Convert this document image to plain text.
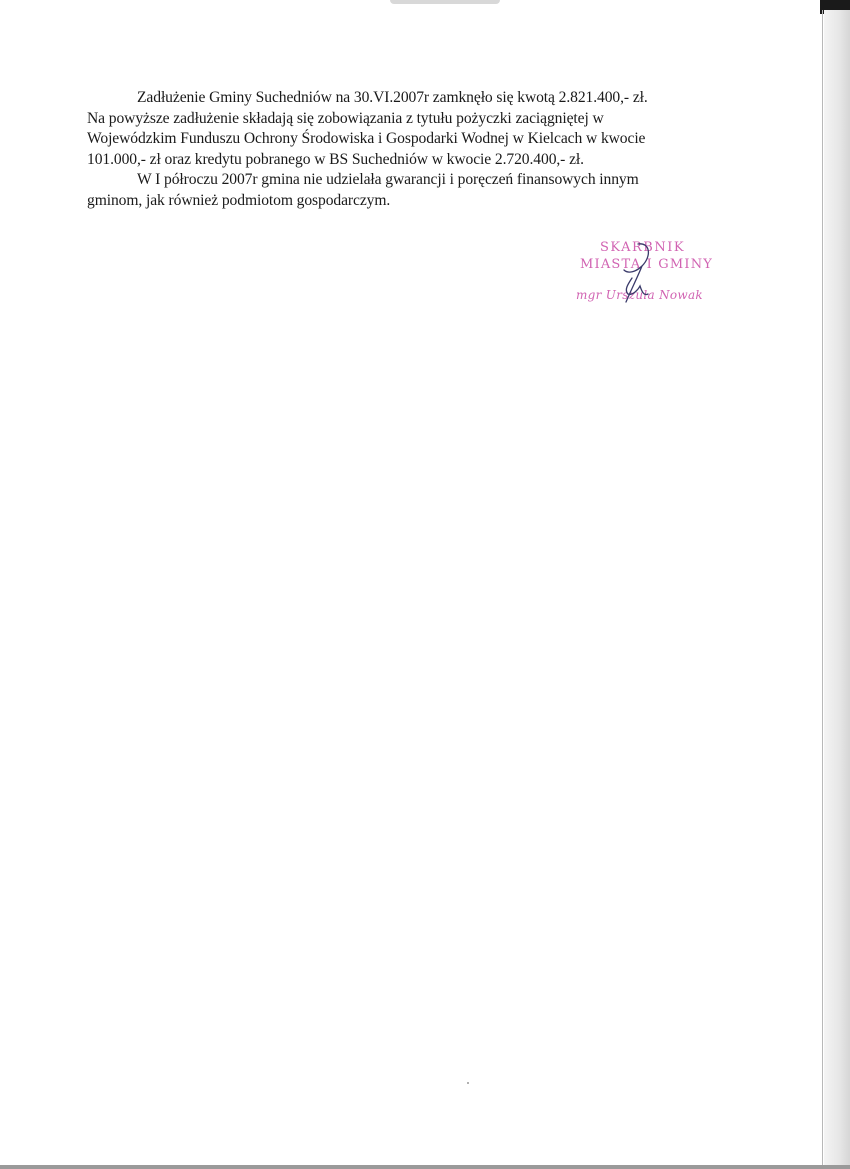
Zadłużenie Gminy Suchedniów na 30.VI.2007r zamknęło się kwotą 2.821.400,- zł.
Na powyższe zadłużenie składają się zobowiązania z tytułu pożyczki zaciągniętej w
Wojewódzkim Funduszu Ochrony Środowiska i Gospodarki Wodnej w Kielcach w kwocie
101.000,- zł oraz kredytu pobranego w BS Suchedniów w kwocie 2.720.400,- zł.
W I półroczu 2007r gmina nie udzielała gwarancji i poręczeń finansowych innym
gminom, jak również podmiotom gospodarczym.
SKARBNIK
MIASTA I GMINY
mgr Urszula Nowak
